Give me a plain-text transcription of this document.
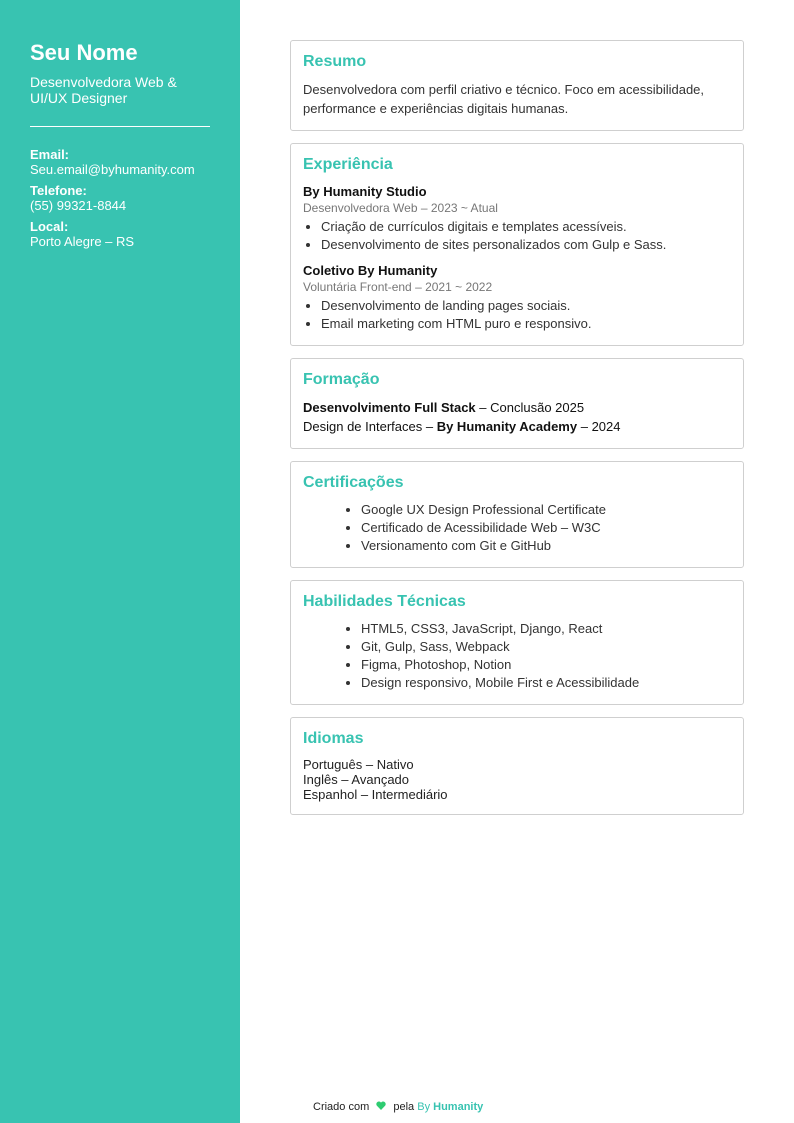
Seu Nome
Desenvolvedora Web & UI/UX Designer
Email:
Seu.email@byhumanity.com
Telefone:
(55) 99321-8844
Local:
Porto Alegre – RS
Resumo

Desenvolvedora com perfil criativo e técnico. Foco em acessibilidade, performance e experiências digitais humanas.

Experiência
By Humanity Studio
Desenvolvedora Web – 2023 ~ Atual
• Criação de currículos digitais e templates acessíveis.
• Desenvolvimento de sites personalizados com Gulp e Sass.
Coletivo By Humanity
Voluntária Front-end – 2021 ~ 2022
• Desenvolvimento de landing pages sociais.
• Email marketing com HTML puro e responsivo.
Formação
Desenvolvimento Full Stack – Conclusão 2025
Design de Interfaces – By Humanity Academy – 2024
Certificações
• Google UX Design Professional Certificate
• Certificado de Acessibilidade Web – W3C
• Versionamento com Git e GitHub
Habilidades Técnicas
• HTML5, CSS3, JavaScript, Django, React
• Git, Gulp, Sass, Webpack
• Figma, Photoshop, Notion
• Design responsivo, Mobile First e Acessibilidade
Idiomas
Português – Nativo
Inglês – Avançado
Espanhol – Intermediário
Criado com pela By Humanity
